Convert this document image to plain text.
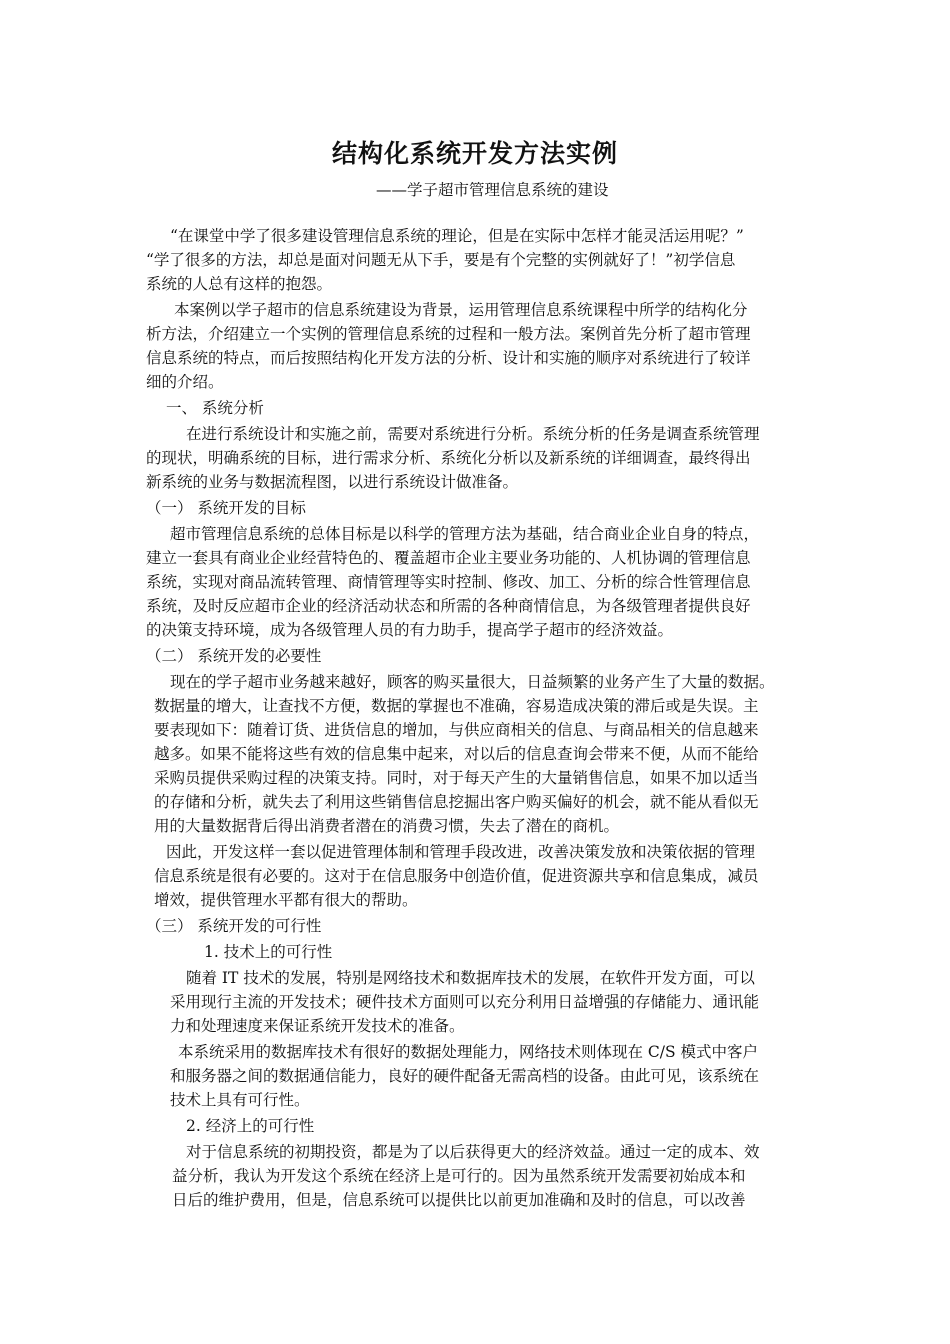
结构化系统开发方法实例
——学子超市管理信息系统的建设
“在课堂中学了很多建设管理信息系统的理论，但是在实际中怎样才能灵活运用呢？”
“学了很多的方法，却总是面对问题无从下手，要是有个完整的实例就好了！”初学信息
系统的人总有这样的抱怨。
本案例以学子超市的信息系统建设为背景，运用管理信息系统课程中所学的结构化分
析方法，介绍建立一个实例的管理信息系统的过程和一般方法。案例首先分析了超市管理
信息系统的特点，而后按照结构化开发方法的分析、设计和实施的顺序对系统进行了较详
细的介绍。
一、 系统分析
在进行系统设计和实施之前，需要对系统进行分析。系统分析的任务是调查系统管理
的现状，明确系统的目标，进行需求分析、系统化分析以及新系统的详细调查，最终得出
新系统的业务与数据流程图，以进行系统设计做准备。
（一） 系统开发的目标
超市管理信息系统的总体目标是以科学的管理方法为基础，结合商业企业自身的特点，
建立一套具有商业企业经营特色的、覆盖超市企业主要业务功能的、人机协调的管理信息
系统，实现对商品流转管理、商情管理等实时控制、修改、加工、分析的综合性管理信息
系统，及时反应超市企业的经济活动状态和所需的各种商情信息，为各级管理者提供良好
的决策支持环境，成为各级管理人员的有力助手，提高学子超市的经济效益。
（二） 系统开发的必要性
现在的学子超市业务越来越好，顾客的购买量很大，日益频繁的业务产生了大量的数据。
数据量的增大，让查找不方便，数据的掌握也不准确，容易造成决策的滞后或是失误。主
要表现如下：随着订货、进货信息的增加，与供应商相关的信息、与商品相关的信息越来
越多。如果不能将这些有效的信息集中起来，对以后的信息查询会带来不便，从而不能给
采购员提供采购过程的决策支持。同时，对于每天产生的大量销售信息，如果不加以适当
的存储和分析，就失去了利用这些销售信息挖掘出客户购买偏好的机会，就不能从看似无
用的大量数据背后得出消费者潜在的消费习惯，失去了潜在的商机。
因此，开发这样一套以促进管理体制和管理手段改进，改善决策发放和决策依据的管理
信息系统是很有必要的。这对于在信息服务中创造价值，促进资源共享和信息集成，减员
增效，提供管理水平都有很大的帮助。
（三） 系统开发的可行性
1. 技术上的可行性
随着 IT 技术的发展，特别是网络技术和数据库技术的发展，在软件开发方面，可以
采用现行主流的开发技术；硬件技术方面则可以充分利用日益增强的存储能力、通讯能
力和处理速度来保证系统开发技术的准备。
本系统采用的数据库技术有很好的数据处理能力，网络技术则体现在 C/S 模式中客户
和服务器之间的数据通信能力，良好的硬件配备无需高档的设备。由此可见，该系统在
技术上具有可行性。
2. 经济上的可行性
对于信息系统的初期投资，都是为了以后获得更大的经济效益。通过一定的成本、效
益分析，我认为开发这个系统在经济上是可行的。因为虽然系统开发需要初始成本和
日后的维护费用，但是，信息系统可以提供比以前更加准确和及时的信息，可以改善
